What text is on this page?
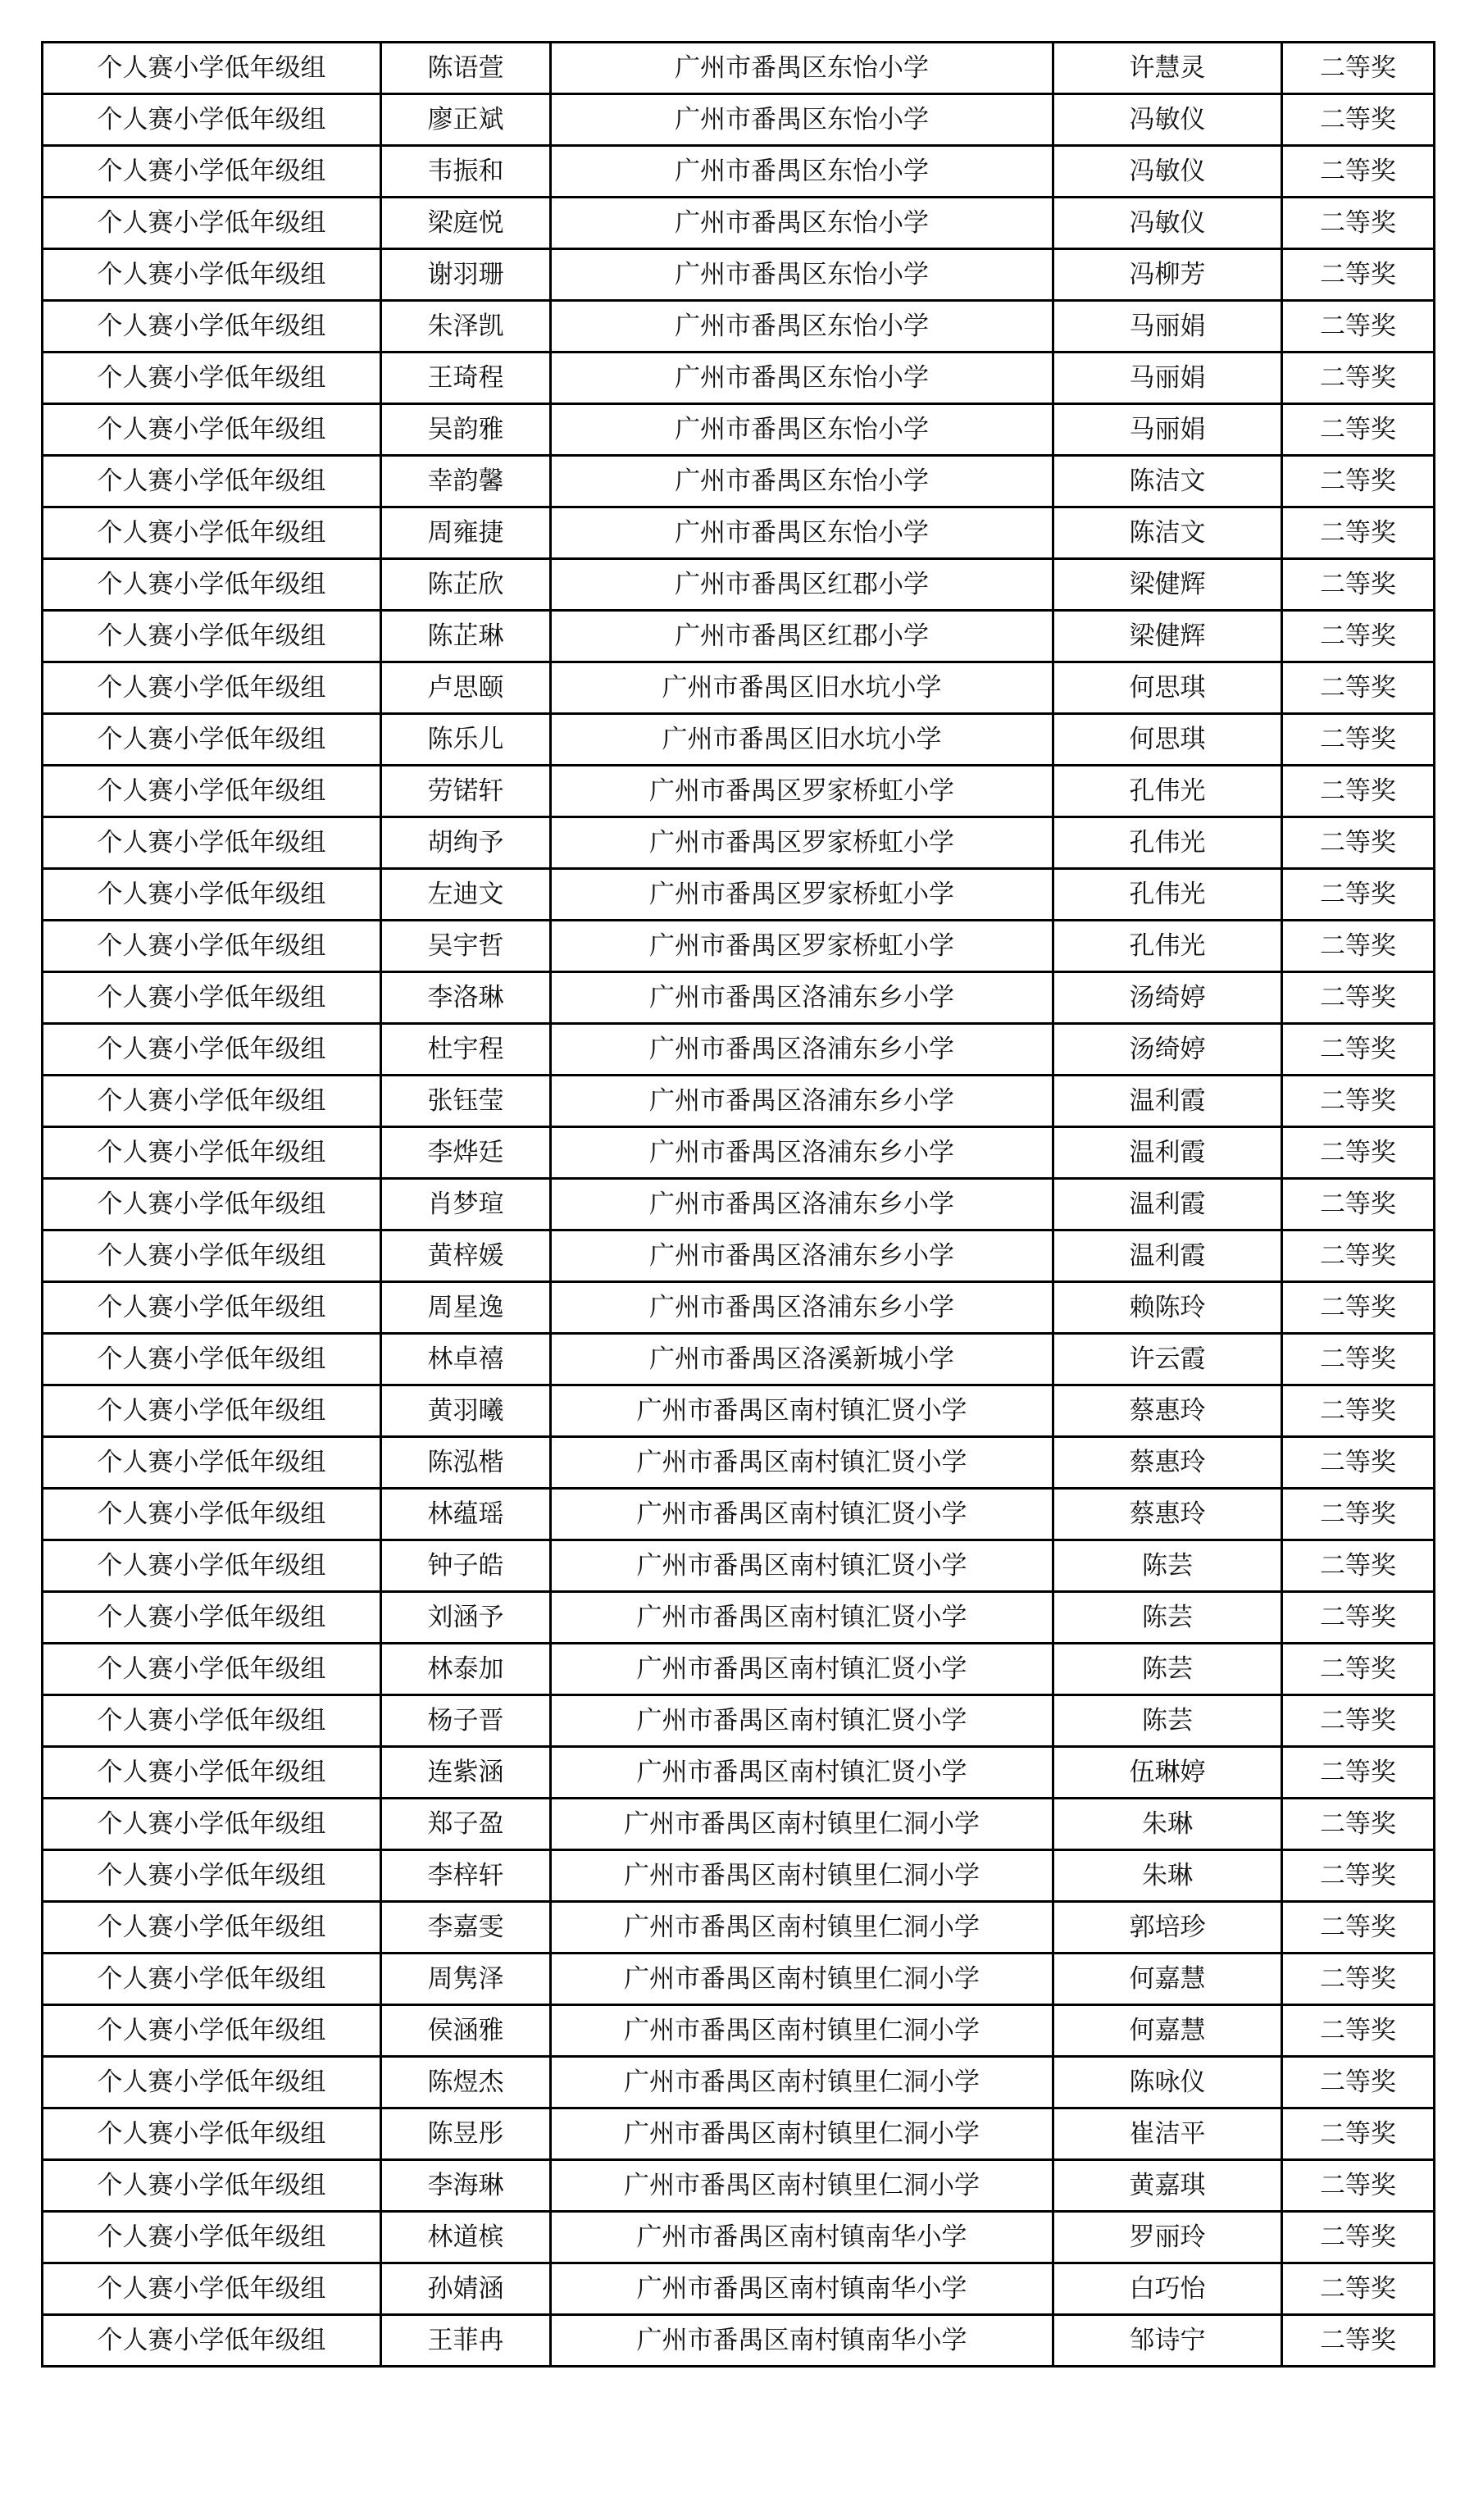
个人赛小学低年级组	陈语萱	广州市番禺区东怡小学	许慧灵	二等奖
个人赛小学低年级组	廖正斌	广州市番禺区东怡小学	冯敏仪	二等奖
个人赛小学低年级组	韦振和	广州市番禺区东怡小学	冯敏仪	二等奖
个人赛小学低年级组	梁庭悦	广州市番禺区东怡小学	冯敏仪	二等奖
个人赛小学低年级组	谢羽珊	广州市番禺区东怡小学	冯柳芳	二等奖
个人赛小学低年级组	朱泽凯	广州市番禺区东怡小学	马丽娟	二等奖
个人赛小学低年级组	王琦程	广州市番禺区东怡小学	马丽娟	二等奖
个人赛小学低年级组	吴韵雅	广州市番禺区东怡小学	马丽娟	二等奖
个人赛小学低年级组	幸韵馨	广州市番禺区东怡小学	陈洁文	二等奖
个人赛小学低年级组	周雍捷	广州市番禺区东怡小学	陈洁文	二等奖
个人赛小学低年级组	陈芷欣	广州市番禺区红郡小学	梁健辉	二等奖
个人赛小学低年级组	陈芷琳	广州市番禺区红郡小学	梁健辉	二等奖
个人赛小学低年级组	卢思颐	广州市番禺区旧水坑小学	何思琪	二等奖
个人赛小学低年级组	陈乐儿	广州市番禺区旧水坑小学	何思琪	二等奖
个人赛小学低年级组	劳锘轩	广州市番禺区罗家桥虹小学	孔伟光	二等奖
个人赛小学低年级组	胡绚予	广州市番禺区罗家桥虹小学	孔伟光	二等奖
个人赛小学低年级组	左迪文	广州市番禺区罗家桥虹小学	孔伟光	二等奖
个人赛小学低年级组	吴宇哲	广州市番禺区罗家桥虹小学	孔伟光	二等奖
个人赛小学低年级组	李洛琳	广州市番禺区洛浦东乡小学	汤绮婷	二等奖
个人赛小学低年级组	杜宇程	广州市番禺区洛浦东乡小学	汤绮婷	二等奖
个人赛小学低年级组	张钰莹	广州市番禺区洛浦东乡小学	温利霞	二等奖
个人赛小学低年级组	李烨廷	广州市番禺区洛浦东乡小学	温利霞	二等奖
个人赛小学低年级组	肖梦瑄	广州市番禺区洛浦东乡小学	温利霞	二等奖
个人赛小学低年级组	黄梓媛	广州市番禺区洛浦东乡小学	温利霞	二等奖
个人赛小学低年级组	周星逸	广州市番禺区洛浦东乡小学	赖陈玲	二等奖
个人赛小学低年级组	林卓禧	广州市番禺区洛溪新城小学	许云霞	二等奖
个人赛小学低年级组	黄羽曦	广州市番禺区南村镇汇贤小学	蔡惠玲	二等奖
个人赛小学低年级组	陈泓楷	广州市番禺区南村镇汇贤小学	蔡惠玲	二等奖
个人赛小学低年级组	林蕴瑶	广州市番禺区南村镇汇贤小学	蔡惠玲	二等奖
个人赛小学低年级组	钟子皓	广州市番禺区南村镇汇贤小学	陈芸	二等奖
个人赛小学低年级组	刘涵予	广州市番禺区南村镇汇贤小学	陈芸	二等奖
个人赛小学低年级组	林泰加	广州市番禺区南村镇汇贤小学	陈芸	二等奖
个人赛小学低年级组	杨子晋	广州市番禺区南村镇汇贤小学	陈芸	二等奖
个人赛小学低年级组	连紫涵	广州市番禺区南村镇汇贤小学	伍琳婷	二等奖
个人赛小学低年级组	郑子盈	广州市番禺区南村镇里仁洞小学	朱琳	二等奖
个人赛小学低年级组	李梓轩	广州市番禺区南村镇里仁洞小学	朱琳	二等奖
个人赛小学低年级组	李嘉雯	广州市番禺区南村镇里仁洞小学	郭培珍	二等奖
个人赛小学低年级组	周隽泽	广州市番禺区南村镇里仁洞小学	何嘉慧	二等奖
个人赛小学低年级组	侯涵雅	广州市番禺区南村镇里仁洞小学	何嘉慧	二等奖
个人赛小学低年级组	陈煜杰	广州市番禺区南村镇里仁洞小学	陈咏仪	二等奖
个人赛小学低年级组	陈昱彤	广州市番禺区南村镇里仁洞小学	崔洁平	二等奖
个人赛小学低年级组	李海琳	广州市番禺区南村镇里仁洞小学	黄嘉琪	二等奖
个人赛小学低年级组	林道槟	广州市番禺区南村镇南华小学	罗丽玲	二等奖
个人赛小学低年级组	孙婧涵	广州市番禺区南村镇南华小学	白巧怡	二等奖
个人赛小学低年级组	王菲冉	广州市番禺区南村镇南华小学	邹诗宁	二等奖
